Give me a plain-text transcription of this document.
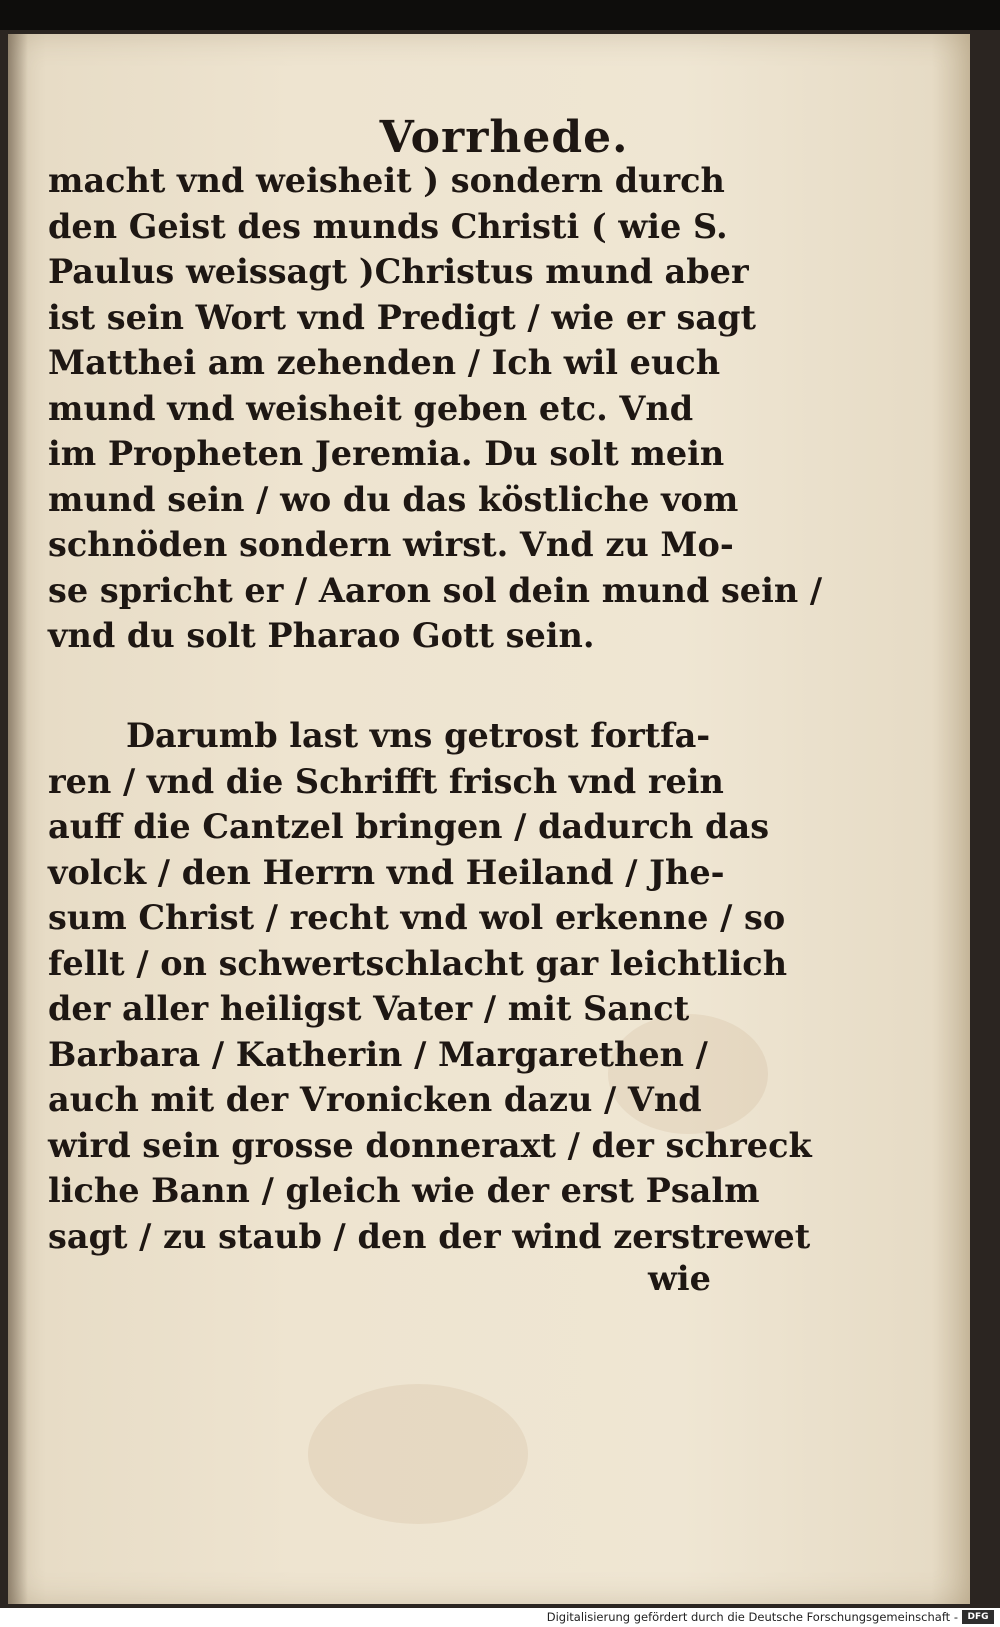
Vorrhede.
macht vnd weisheit ) sondern durch
den Geist des munds Christi ( wie S.
Paulus weissagt )Christus mund aber
ist sein Wort vnd Predigt / wie er sagt
Matthei am zehenden / Ich wil euch
mund vnd weisheit geben etc. Vnd
im Propheten Jeremia. Du solt mein
mund sein / wo du das köstliche vom
schnöden sondern wirst. Vnd zu Mo-
se spricht er / Aaron sol dein mund sein /
vnd du solt Pharao Gott sein.
Darumb last vns getrost fortfa-
ren / vnd die Schrifft frisch vnd rein
auff die Cantzel bringen / dadurch das
volck / den Herrn vnd Heiland / Jhe-
sum Christ / recht vnd wol erkenne / so
fellt / on schwertschlacht gar leichtlich
der aller heiligst Vater / mit Sanct
Barbara / Katherin / Margarethen /
auch mit der Vronicken dazu / Vnd
wird sein grosse donneraxt / der schreck
liche Bann / gleich wie der erst Psalm
sagt / zu staub / den der wind zerstrewet
wie
Digitalisierung gefördert durch die Deutsche Forschungsgemeinschaft -	DFG
